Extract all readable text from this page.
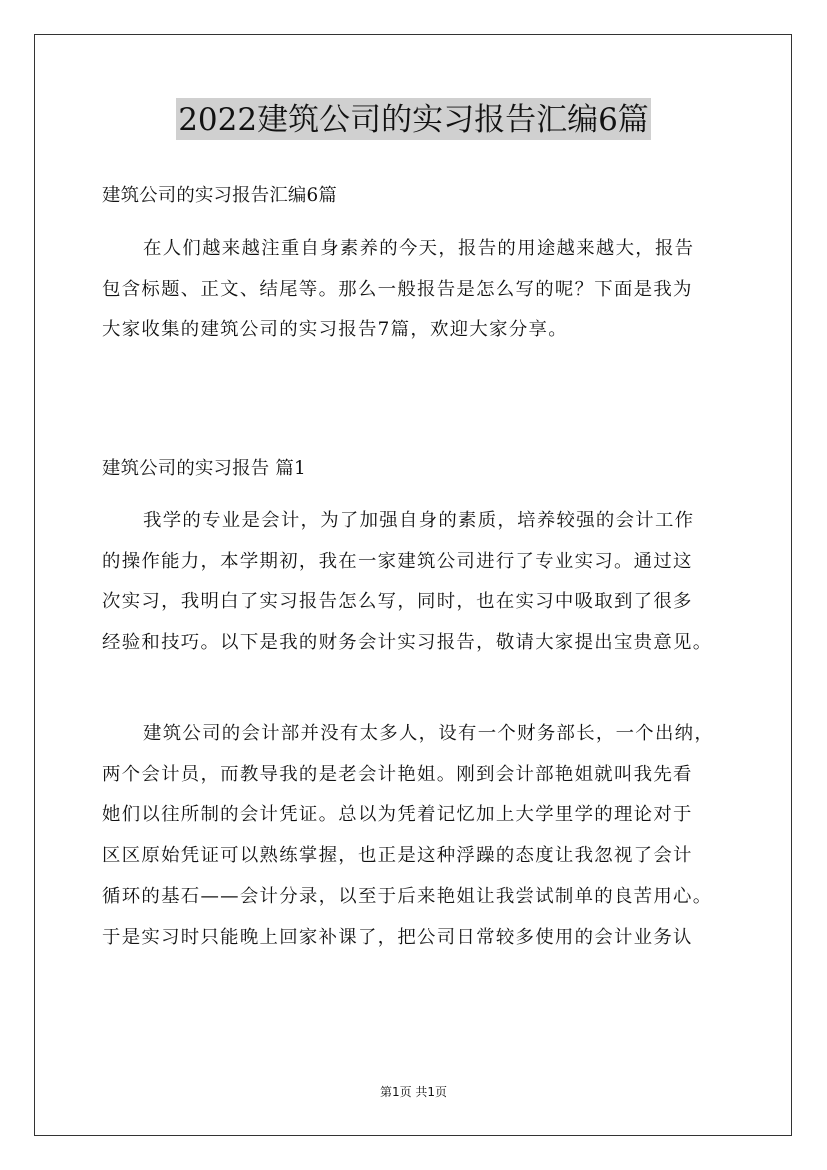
2022建筑公司的实习报告汇编6篇
建筑公司的实习报告汇编6篇

在人们越来越注重自身素养的今天，报告的用途越来越大，报告
包含标题、正文、结尾等。那么一般报告是怎么写的呢？下面是我为
大家收集的建筑公司的实习报告7篇，欢迎大家分享。

建筑公司的实习报告 篇1

我学的专业是会计，为了加强自身的素质，培养较强的会计工作
的操作能力，本学期初，我在一家建筑公司进行了专业实习。通过这
次实习，我明白了实习报告怎么写，同时，也在实习中吸取到了很多
经验和技巧。以下是我的财务会计实习报告，敬请大家提出宝贵意见。

建筑公司的会计部并没有太多人，设有一个财务部长，一个出纳，
两个会计员，而教导我的是老会计艳姐。刚到会计部艳姐就叫我先看
她们以往所制的会计凭证。总以为凭着记忆加上大学里学的理论对于
区区原始凭证可以熟练掌握，也正是这种浮躁的态度让我忽视了会计
循环的基石——会计分录，以至于后来艳姐让我尝试制单的良苦用心。
于是实习时只能晚上回家补课了，把公司日常较多使用的会计业务认

第1页 共1页
